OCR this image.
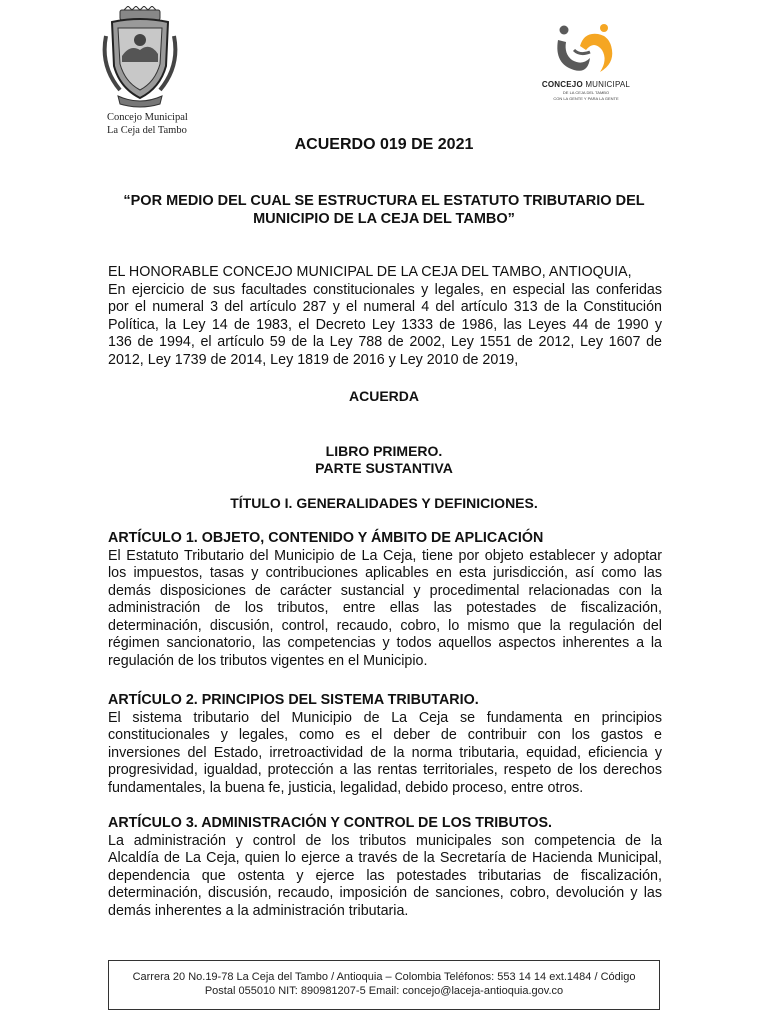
Concejo Municipal
La Ceja del Tambo
CONCEJO MUNICIPAL
DE LA CEJA DEL TAMBO
CON LA GENTE Y PARA LA GENTE
ACUERDO 019 DE 2021
“POR MEDIO DEL CUAL SE ESTRUCTURA EL ESTATUTO TRIBUTARIO DEL
MUNICIPIO DE LA CEJA DEL TAMBO”
EL HONORABLE CONCEJO MUNICIPAL DE LA CEJA DEL TAMBO, ANTIOQUIA,
En ejercicio de sus facultades constitucionales y legales, en especial las conferidas
por el numeral 3 del artículo 287 y el numeral 4 del artículo 313 de la Constitución
Política, la Ley 14 de 1983, el Decreto Ley 1333 de 1986, las Leyes 44 de 1990 y
136 de 1994, el artículo 59 de la Ley 788 de 2002, Ley 1551 de 2012, Ley 1607 de
2012, Ley 1739 de 2014, Ley 1819 de 2016 y Ley 2010 de 2019,
ACUERDA
LIBRO PRIMERO.
PARTE SUSTANTIVA
TÍTULO I. GENERALIDADES Y DEFINICIONES.
ARTÍCULO 1. OBJETO, CONTENIDO Y ÁMBITO DE APLICACIÓN
El Estatuto Tributario del Municipio de La Ceja, tiene por objeto establecer y adoptar
los impuestos, tasas y contribuciones aplicables en esta jurisdicción, así como las
demás disposiciones de carácter sustancial y procedimental relacionadas con la
administración de los tributos, entre ellas las potestades de fiscalización,
determinación, discusión, control, recaudo, cobro, lo mismo que la regulación del
régimen sancionatorio, las competencias y todos aquellos aspectos inherentes a la
regulación de los tributos vigentes en el Municipio.
ARTÍCULO 2. PRINCIPIOS DEL SISTEMA TRIBUTARIO.
El sistema tributario del Municipio de La Ceja se fundamenta en principios
constitucionales y legales, como es el deber de contribuir con los gastos e
inversiones del Estado, irretroactividad de la norma tributaria, equidad, eficiencia y
progresividad, igualdad, protección a las rentas territoriales, respeto de los derechos
fundamentales, la buena fe, justicia, legalidad, debido proceso, entre otros.
ARTÍCULO 3. ADMINISTRACIÓN Y CONTROL DE LOS TRIBUTOS.
La administración y control de los tributos municipales son competencia de la
Alcaldía de La Ceja, quien lo ejerce a través de la Secretaría de Hacienda Municipal,
dependencia que ostenta y ejerce las potestades tributarias de fiscalización,
determinación, discusión, recaudo, imposición de sanciones, cobro, devolución y las
demás inherentes a la administración tributaria.
Carrera 20 No.19-78 La Ceja del Tambo / Antioquia – Colombia Teléfonos: 553 14 14 ext.1484 / Código
Postal 055010 NIT: 890981207-5 Email: concejo@laceja-antioquia.gov.co
